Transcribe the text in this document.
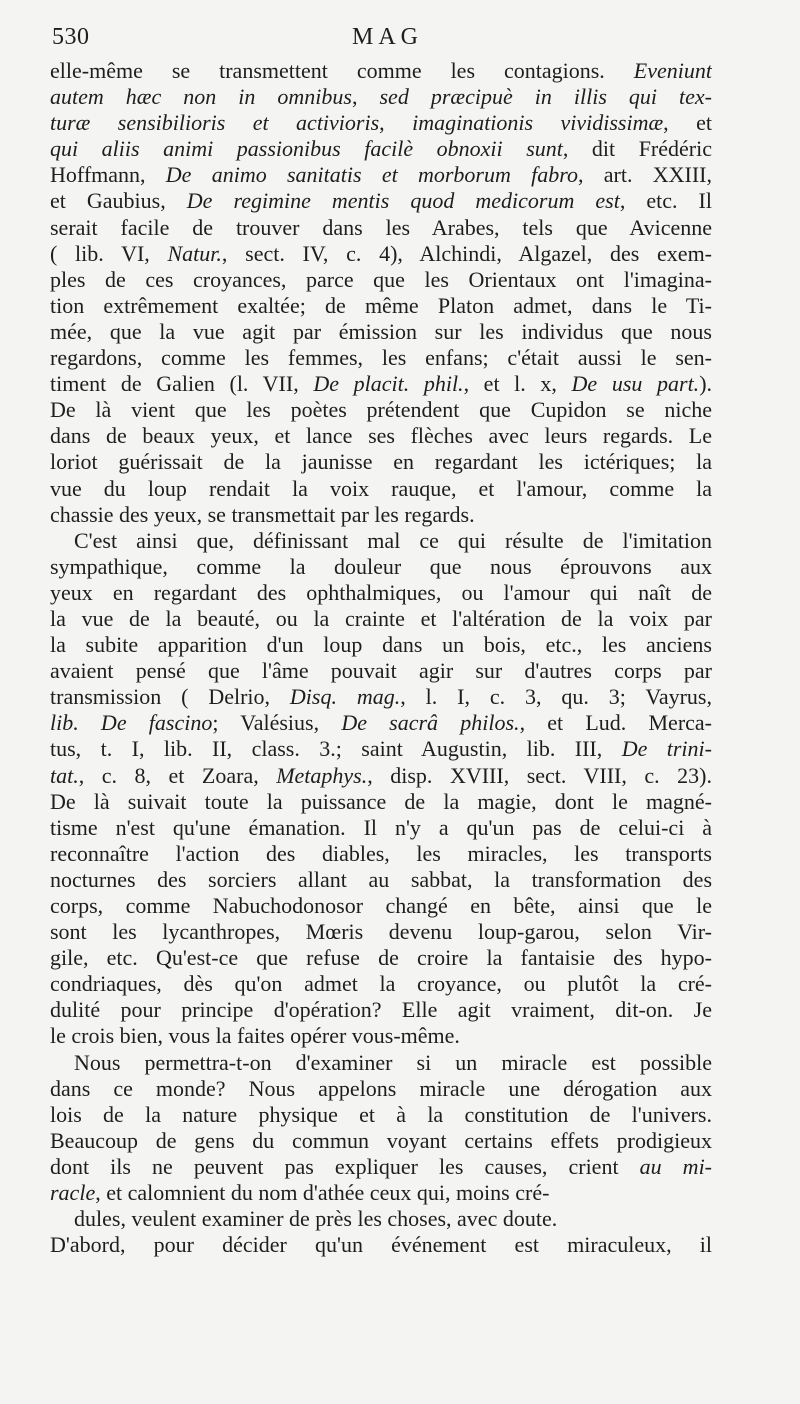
530	MAG
elle-même se transmettent comme les contagions. Eveniunt
autem hæc non in omnibus, sed præcipuè in illis qui tex-
turæ sensibilioris et activioris, imaginationis vividissimæ, et
qui aliis animi passionibus facilè obnoxii sunt, dit Frédéric
Hoffmann, De animo sanitatis et morborum fabro, art. XXIII,
et Gaubius, De regimine mentis quod medicorum est, etc. Il
serait facile de trouver dans les Arabes, tels que Avicenne
( lib. VI, Natur., sect. IV, c. 4), Alchindi, Algazel, des exem-
ples de ces croyances, parce que les Orientaux ont l'imagina-
tion extrêmement exaltée; de même Platon admet, dans le Ti-
mée, que la vue agit par émission sur les individus que nous
regardons, comme les femmes, les enfans; c'était aussi le sen-
timent de Galien (l. VII, De placit. phil., et l. x, De usu part.).
De là vient que les poètes prétendent que Cupidon se niche
dans de beaux yeux, et lance ses flèches avec leurs regards. Le
loriot guérissait de la jaunisse en regardant les ictériques; la
vue du loup rendait la voix rauque, et l'amour, comme la
chassie des yeux, se transmettait par les regards.
C'est ainsi que, définissant mal ce qui résulte de l'imitation
sympathique, comme la douleur que nous éprouvons aux
yeux en regardant des ophthalmiques, ou l'amour qui naît de
la vue de la beauté, ou la crainte et l'altération de la voix par
la subite apparition d'un loup dans un bois, etc., les anciens
avaient pensé que l'âme pouvait agir sur d'autres corps par
transmission ( Delrio, Disq. mag., l. I, c. 3, qu. 3; Vayrus,
lib. De fascino; Valésius, De sacrâ philos., et Lud. Merca-
tus, t. I, lib. II, class. 3.; saint Augustin, lib. III, De trini-
tat., c. 8, et Zoara, Metaphys., disp. XVIII, sect. VIII, c. 23).
De là suivait toute la puissance de la magie, dont le magné-
tisme n'est qu'une émanation. Il n'y a qu'un pas de celui-ci à
reconnaître l'action des diables, les miracles, les transports
nocturnes des sorciers allant au sabbat, la transformation des
corps, comme Nabuchodonosor changé en bête, ainsi que le
sont les lycanthropes, Mœris devenu loup-garou, selon Vir-
gile, etc. Qu'est-ce que refuse de croire la fantaisie des hypo-
condriaques, dès qu'on admet la croyance, ou plutôt la cré-
dulité pour principe d'opération? Elle agit vraiment, dit-on. Je
le crois bien, vous la faites opérer vous-même.
Nous permettra-t-on d'examiner si un miracle est possible
dans ce monde? Nous appelons miracle une dérogation aux
lois de la nature physique et à la constitution de l'univers.
Beaucoup de gens du commun voyant certains effets prodigieux
dont ils ne peuvent pas expliquer les causes, crient au mi-
racle, et calomnient du nom d'athée ceux qui, moins cré-
dules, veulent examiner de près les choses, avec doute.
D'abord, pour décider qu'un événement est miraculeux, il
